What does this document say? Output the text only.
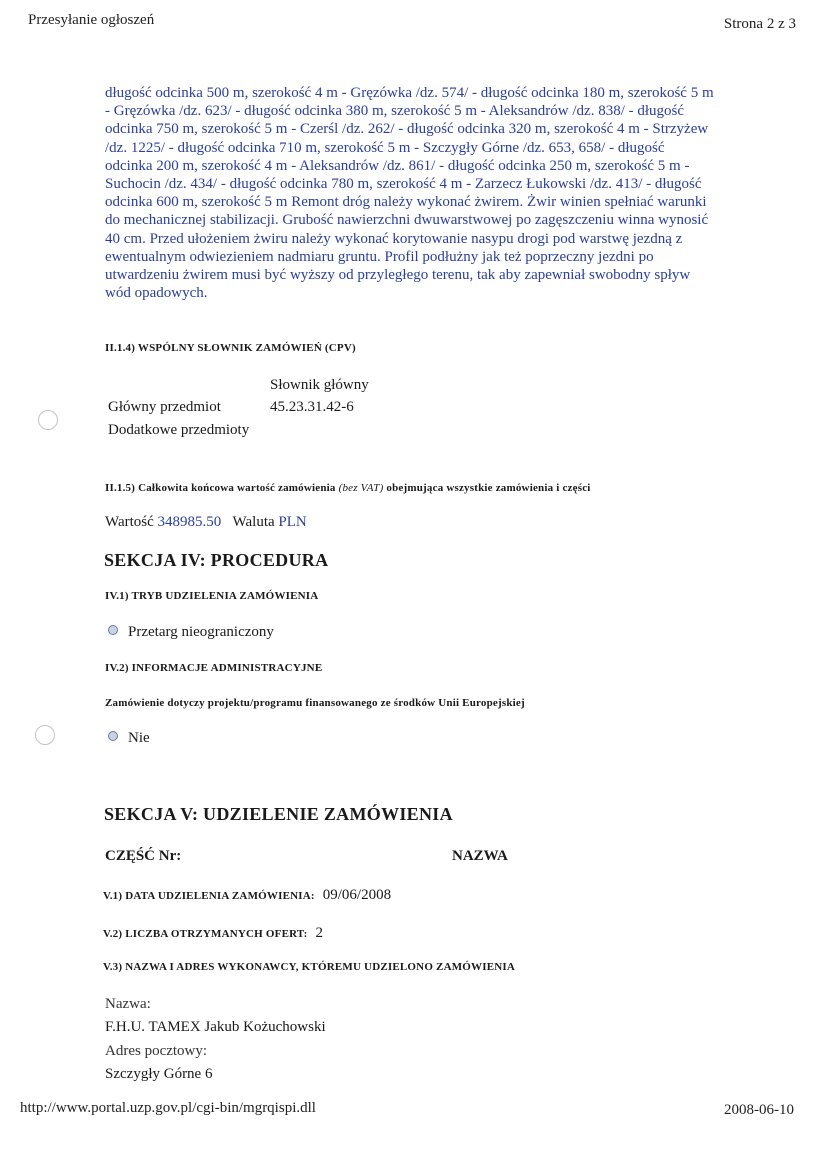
Przesyłanie ogłoszeń	Strona 2 z 3
długość odcinka 500 m, szerokość 4 m - Gręzówka /dz. 574/ - długość odcinka 180 m, szerokość 5 m - Gręzówka /dz. 623/ - długość odcinka 380 m, szerokość 5 m - Aleksandrów /dz. 838/ - długość odcinka 750 m, szerokość 5 m - Czerśl /dz. 262/ - długość odcinka 320 m, szerokość 4 m - Strzyżew /dz. 1225/ - długość odcinka 710 m, szerokość 5 m - Szczygły Górne /dz. 653, 658/ - długość odcinka 200 m, szerokość 4 m - Aleksandrów /dz. 861/ - długość odcinka 250 m, szerokość 5 m - Suchocin /dz. 434/ - długość odcinka 780 m, szerokość 4 m - Zarzecz Łukowski /dz. 413/ - długość odcinka 600 m, szerokość 5 m Remont dróg należy wykonać żwirem. Żwir winien spełniać warunki do mechanicznej stabilizacji. Grubość nawierzchni dwuwarstwowej po zagęszczeniu winna wynosić 40 cm. Przed ułożeniem żwiru należy wykonać korytowanie nasypu drogi pod warstwę jezdną z ewentualnym odwiezieniem nadmiaru gruntu. Profil podłużny jak też poprzeczny jezdni po utwardzeniu żwirem musi być wyższy od przyległego terenu, tak aby zapewniał swobodny spływ wód opadowych.
II.1.4) WSPÓLNY SŁOWNIK ZAMÓWIEŃ (CPV)
Słownik główny
Główny przedmiot	45.23.31.42-6
Dodatkowe przedmioty
II.1.5) Całkowita końcowa wartość zamówienia (bez VAT) obejmująca wszystkie zamówienia i części
Wartość 348985.50 Waluta PLN
SEKCJA IV: PROCEDURA
IV.1) TRYB UDZIELENIA ZAMÓWIENIA
Przetarg nieograniczony
IV.2) INFORMACJE ADMINISTRACYJNE
Zamówienie dotyczy projektu/programu finansowanego ze środków Unii Europejskiej
Nie
SEKCJA V: UDZIELENIE ZAMÓWIENIA
CZĘŚĆ Nr:	NAZWA
V.1) DATA UDZIELENIA ZAMÓWIENIA: 09/06/2008
V.2) LICZBA OTRZYMANYCH OFERT: 2
V.3) NAZWA I ADRES WYKONAWCY, KTÓREMU UDZIELONO ZAMÓWIENIA
Nazwa:
F.H.U. TAMEX Jakub Kożuchowski
Adres pocztowy:
Szczygły Górne 6
http://www.portal.uzp.gov.pl/cgi-bin/mgrqispi.dll	2008-06-10
